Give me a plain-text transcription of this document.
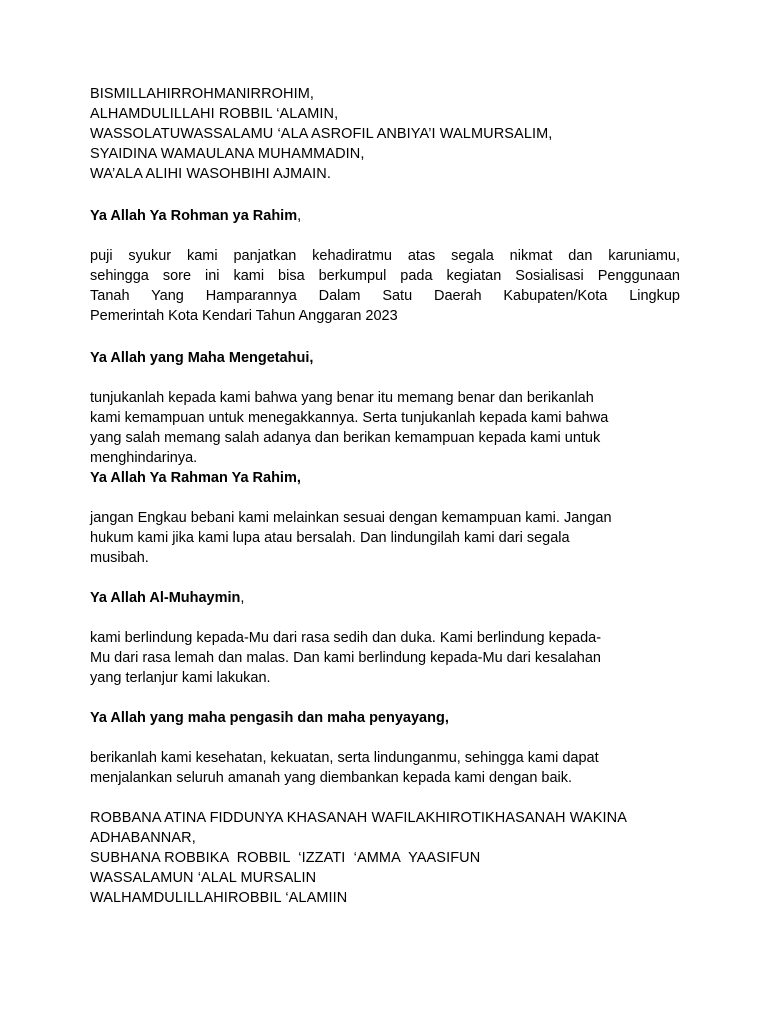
BISMILLAHIRROHMANIRROHIM,
ALHAMDULILLAHI ROBBIL ‘ALAMIN,
WASSOLATUWASSALAMU ‘ALA ASROFIL ANBIYA’I WALMURSALIM,
SYAIDINA WAMAULANA MUHAMMADIN,
WA’ALA ALIHI WASOHBIHI AJMAIN.
Ya Allah Ya Rohman ya Rahim,
puji syukur kami panjatkan kehadiratmu atas segala nikmat dan karuniamu,
sehingga sore ini kami bisa berkumpul pada kegiatan Sosialisasi Penggunaan
Tanah Yang Hamparannya Dalam Satu Daerah Kabupaten/Kota Lingkup
Pemerintah Kota Kendari Tahun Anggaran 2023
Ya Allah yang Maha Mengetahui,
tunjukanlah kepada kami bahwa yang benar itu memang benar dan berikanlah
kami kemampuan untuk menegakkannya. Serta tunjukanlah kepada kami bahwa
yang salah memang salah adanya dan berikan kemampuan kepada kami untuk
menghindarinya.
Ya Allah Ya Rahman Ya Rahim,
jangan Engkau bebani kami melainkan sesuai dengan kemampuan kami. Jangan
hukum kami jika kami lupa atau bersalah. Dan lindungilah kami dari segala
musibah.
Ya Allah Al-Muhaymin,
kami berlindung kepada-Mu dari rasa sedih dan duka. Kami berlindung kepada-
Mu dari rasa lemah dan malas. Dan kami berlindung kepada-Mu dari kesalahan
yang terlanjur kami lakukan.
Ya Allah yang maha pengasih dan maha penyayang,
berikanlah kami kesehatan, kekuatan, serta lindunganmu, sehingga kami dapat
menjalankan seluruh amanah yang diembankan kepada kami dengan baik.
ROBBANA ATINA FIDDUNYA KHASANAH WAFILAKHIROTIKHASANAH WAKINA
ADHABANNAR,
SUBHANA ROBBIKA  ROBBIL  ‘IZZATI  ‘AMMA  YAASIFUN
WASSALAMUN ‘ALAL MURSALIN
WALHAMDULILLAHIROBBIL ‘ALAMIIN
